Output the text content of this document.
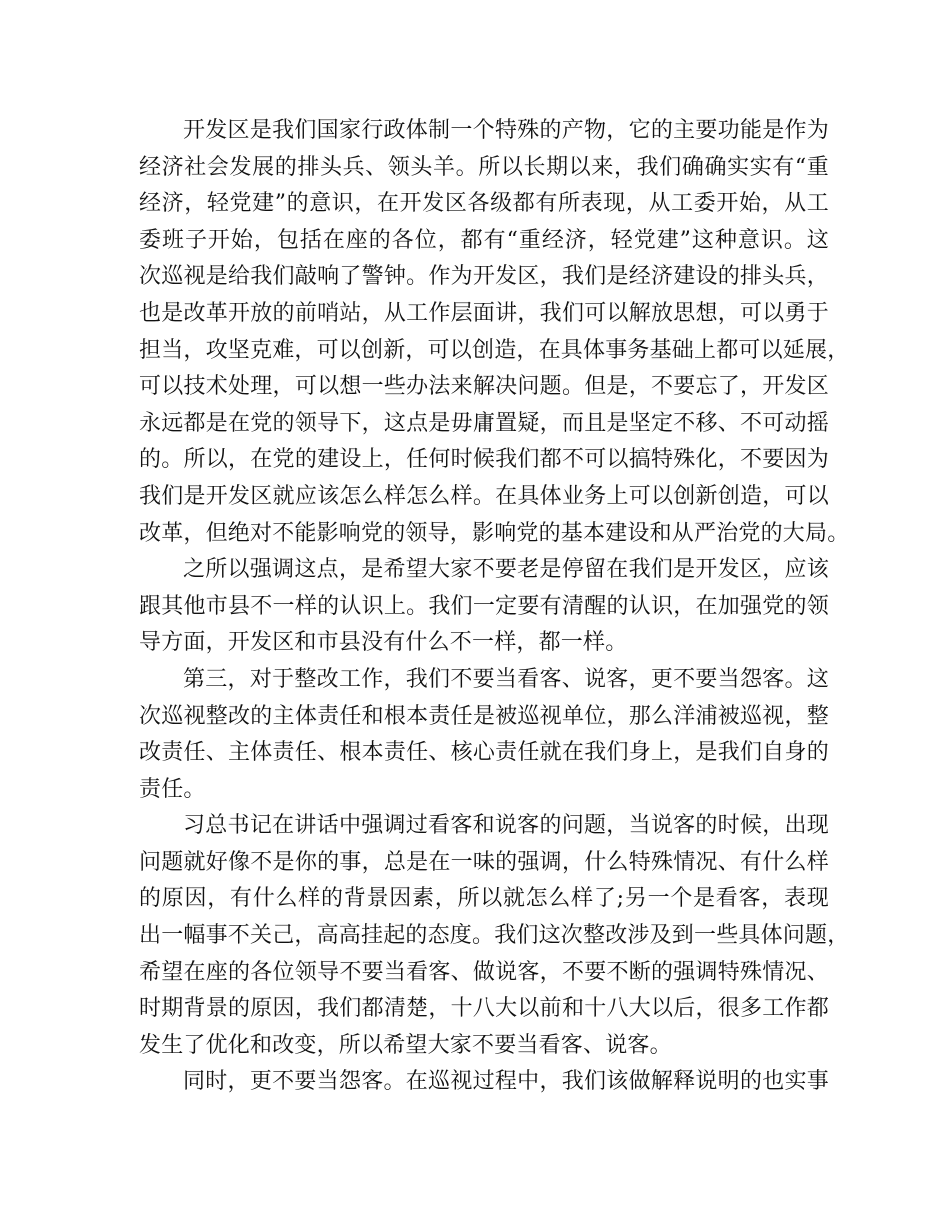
开发区是我们国家行政体制一个特殊的产物，它的主要功能是作为
经济社会发展的排头兵、领头羊。所以长期以来，我们确确实实有“重
经济，轻党建”的意识，在开发区各级都有所表现，从工委开始，从工
委班子开始，包括在座的各位，都有“重经济，轻党建”这种意识。这
次巡视是给我们敲响了警钟。作为开发区，我们是经济建设的排头兵，
也是改革开放的前哨站，从工作层面讲，我们可以解放思想，可以勇于
担当，攻坚克难，可以创新，可以创造，在具体事务基础上都可以延展，
可以技术处理，可以想一些办法来解决问题。但是，不要忘了，开发区
永远都是在党的领导下，这点是毋庸置疑，而且是坚定不移、不可动摇
的。所以，在党的建设上，任何时候我们都不可以搞特殊化，不要因为
我们是开发区就应该怎么样怎么样。在具体业务上可以创新创造，可以
改革，但绝对不能影响党的领导，影响党的基本建设和从严治党的大局。
之所以强调这点，是希望大家不要老是停留在我们是开发区，应该
跟其他市县不一样的认识上。我们一定要有清醒的认识，在加强党的领
导方面，开发区和市县没有什么不一样，都一样。
第三，对于整改工作，我们不要当看客、说客，更不要当怨客。这
次巡视整改的主体责任和根本责任是被巡视单位，那么洋浦被巡视，整
改责任、主体责任、根本责任、核心责任就在我们身上，是我们自身的
责任。
习总书记在讲话中强调过看客和说客的问题，当说客的时候，出现
问题就好像不是你的事，总是在一味的强调，什么特殊情况、有什么样
的原因，有什么样的背景因素，所以就怎么样了;另一个是看客，表现
出一幅事不关己，高高挂起的态度。我们这次整改涉及到一些具体问题，
希望在座的各位领导不要当看客、做说客，不要不断的强调特殊情况、
时期背景的原因，我们都清楚，十八大以前和十八大以后，很多工作都
发生了优化和改变，所以希望大家不要当看客、说客。
同时，更不要当怨客。在巡视过程中，我们该做解释说明的也实事
